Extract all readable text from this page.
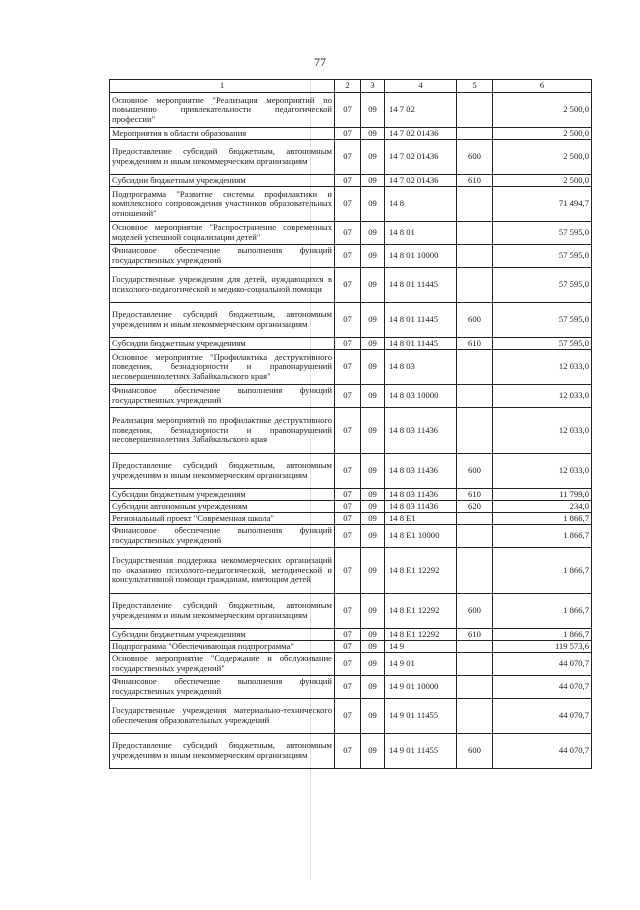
77
1	2	3	4	5	6
Основное мероприятие "Реализация мероприятий по повышению привлекательности педагогической профессии"	07	09	14 7 02		2 500,0
Мероприятия в области образования	07	09	14 7 02 01436		2 500,0
Предоставление субсидий бюджетным, автономным учреждениям и иным некоммерческим организациям	07	09	14 7 02 01436	600	2 500,0
Субсидии бюджетным учреждениям	07	09	14 7 02 01436	610	2 500,0
Подпрограмма "Развитие системы профилактики и комплексного сопровождения участников образовательных отношений"	07	09	14 8		71 494,7
Основное мероприятие "Распространение современных моделей успешной социализации детей"	07	09	14 8 01		57 595,0
Финансовое обеспечение выполнения функций государственных учреждений	07	09	14 8 01 10000		57 595,0
Государственные учреждения для детей, нуждающихся в психолого-педагогической и медико-социальной помощи	07	09	14 8 01 11445		57 595,0
Предоставление субсидий бюджетным, автономным учреждениям и иным некоммерческим организациям	07	09	14 8 01 11445	600	57 595,0
Субсидии бюджетным учреждениям	07	09	14 8 01 11445	610	57 595,0
Основное мероприятие "Профилактика деструктивного поведения, безнадзорности и правонарушений несовершеннолетних Забайкальского края"	07	09	14 8 03		12 033,0
Финансовое обеспечение выполнения функций государственных учреждений	07	09	14 8 03 10000		12 033,0
Реализация мероприятий по профилактике деструктивного поведения, безнадзорности и правонарушений несовершеннолетних Забайкальского края	07	09	14 8 03 11436		12 033,0
Предоставление субсидий бюджетным, автономным учреждениям и иным некоммерческим организациям	07	09	14 8 03 11436	600	12 033,0
Субсидии бюджетным учреждениям	07	09	14 8 03 11436	610	11 799,0
Субсидии автономным учреждениям	07	09	14 8 03 11436	620	234,0
Региональный проект "Современная школа"	07	09	14 8 E1		1 866,7
Финансовое обеспечение выполнения функций государственных учреждений	07	09	14 8 E1 10000		1 866,7
Государственная поддержка некоммерческих организаций по оказанию психолого-педагогической, методической и консультативной помощи гражданам, имеющим детей	07	09	14 8 E1 12292		1 866,7
Предоставление субсидий бюджетным, автономным учреждениям и иным некоммерческим организациям	07	09	14 8 E1 12292	600	1 866,7
Субсидии бюджетным учреждениям	07	09	14 8 E1 12292	610	1 866,7
Подпрограмма "Обеспечивающая подпрограмма"	07	09	14 9		119 573,6
Основное мероприятие "Содержание и обслуживание государственных учреждений"	07	09	14 9 01		44 070,7
Финансовое обеспечение выполнения функций государственных учреждений	07	09	14 9 01 10000		44 070,7
Государственные учреждения материально-технического обеспечения образовательных учреждений	07	09	14 9 01 11455		44 070,7
Предоставление субсидий бюджетным, автономным учреждениям и иным некоммерческим организациям	07	09	14 9 01 11455	600	44 070,7
